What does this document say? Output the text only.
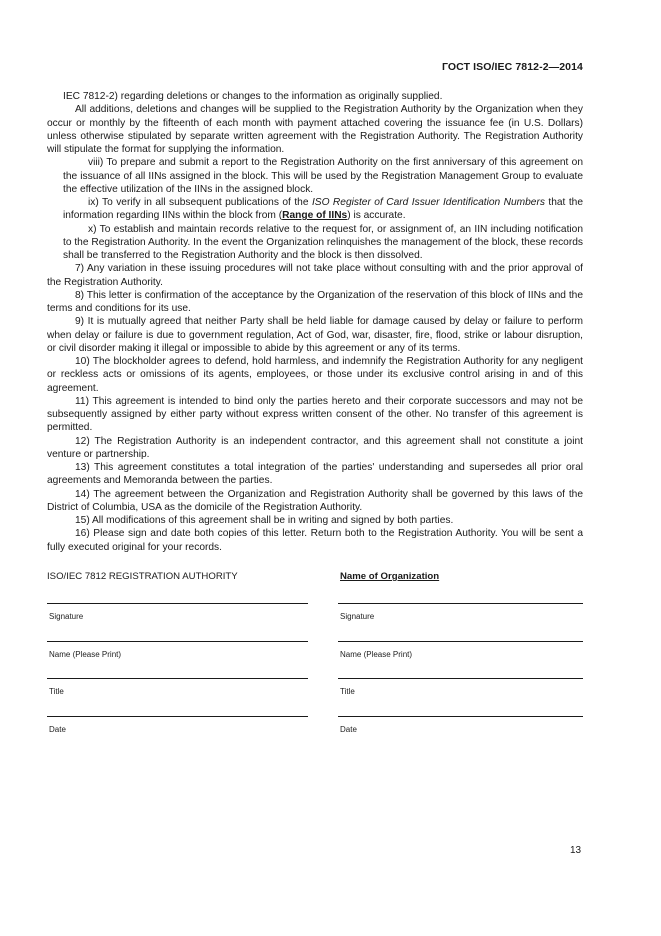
ГОСТ ISO/IEC 7812-2—2014

IEC 7812-2) regarding deletions or changes to the information as originally supplied.

All additions, deletions and changes will be supplied to the Registration Authority by the Organization when they occur or monthly by the fifteenth of each month with payment attached covering the issuance fee (in U.S. Dollars) unless otherwise stipulated by separate written agreement with the Registration Authority. The Registration Authority will stipulate the format for supplying the information.

viii) To prepare and submit a report to the Registration Authority on the first anniversary of this agreement on the issuance of all IINs assigned in the block. This will be used by the Registration Management Group to evaluate the effective utilization of the IINs in the assigned block.

ix) To verify in all subsequent publications of the ISO Register of Card Issuer Identification Numbers that the information regarding IINs within the block from (Range of IINs) is accurate.

x) To establish and maintain records relative to the request for, or assignment of, an IIN including notification to the Registration Authority. In the event the Organization relinquishes the management of the block, these records shall be transferred to the Registration Authority and the block is then dissolved.

7) Any variation in these issuing procedures will not take place without consulting with and the prior approval of the Registration Authority.

8) This letter is confirmation of the acceptance by the Organization of the reservation of this block of IINs and the terms and conditions for its use.

9) It is mutually agreed that neither Party shall be held liable for damage caused by delay or failure to perform when delay or failure is due to government regulation, Act of God, war, disaster, fire, flood, strike or labour disruption, or civil disorder making it illegal or impossible to abide by this agreement or any of its terms.

10) The blockholder agrees to defend, hold harmless, and indemnify the Registration Authority for any negligent or reckless acts or omissions of its agents, employees, or those under its exclusive control arising in and of this agreement.

11) This agreement is intended to bind only the parties hereto and their corporate successors and may not be subsequently assigned by either party without express written consent of the other. No transfer of this agreement is permitted.

12) The Registration Authority is an independent contractor, and this agreement shall not constitute a joint venture or partnership.

13) This agreement constitutes a total integration of the parties' understanding and supersedes all prior oral agreements and Memoranda between the parties.

14) The agreement between the Organization and Registration Authority shall be governed by this laws of the District of Columbia, USA as the domicile of the Registration Authority.

15) All modifications of this agreement shall be in writing and signed by both parties.

16) Please sign and date both copies of this letter. Return both to the Registration Authority. You will be sent a fully executed original for your records.

ISO/IEC 7812 REGISTRATION AUTHORITY	Name of Organization
Signature	Signature
Name (Please Print)	Name (Please Print)
Title	Title
Date	Date
13
